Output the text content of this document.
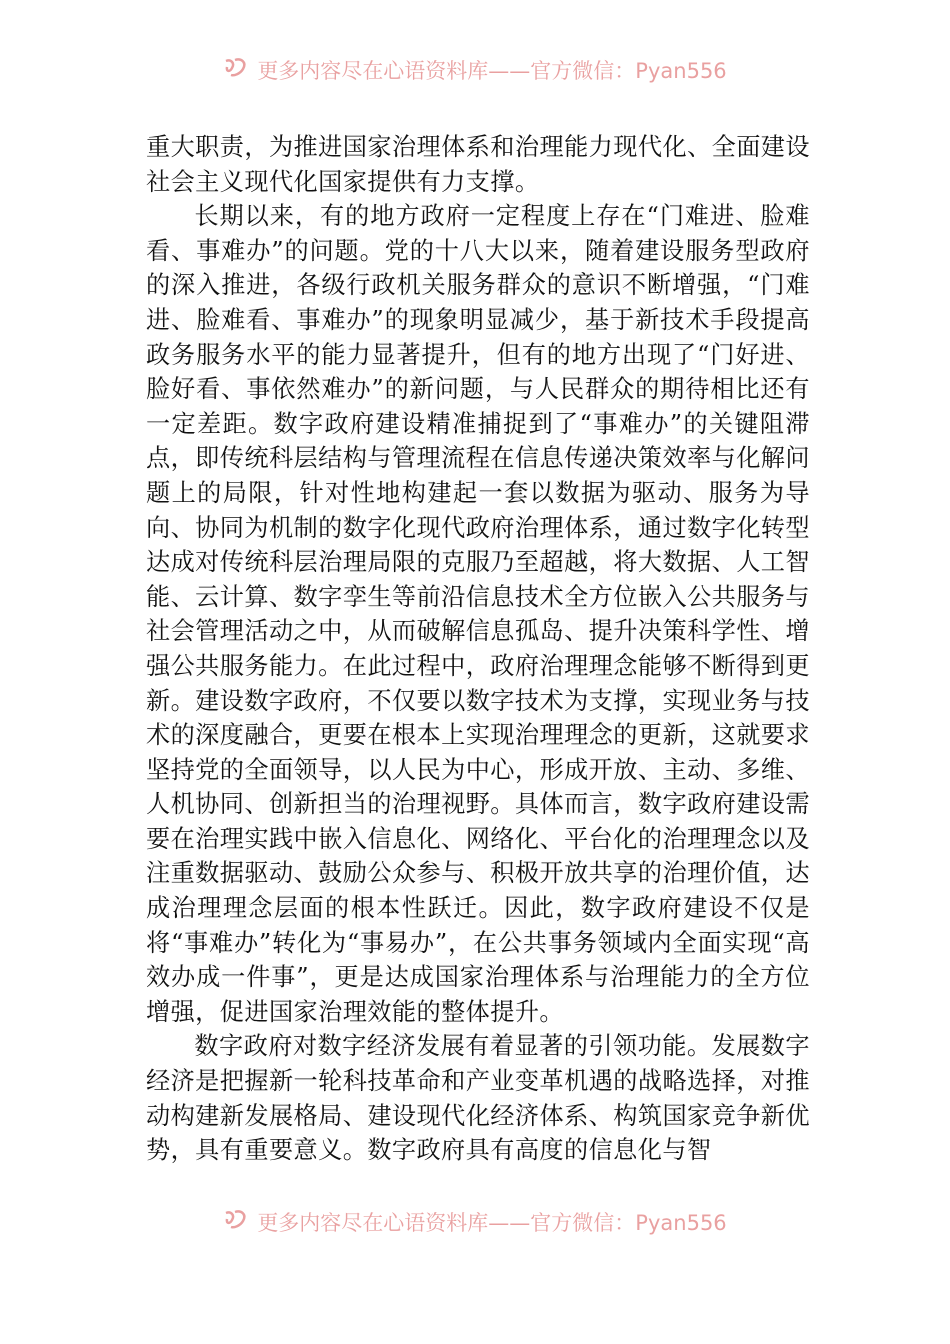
更多内容尽在心语资料库——官方微信：Pyan556

重大职责，为推进国家治理体系和治理能力现代化、全面建设社会主义现代化国家提供有力支撑。

长期以来，有的地方政府一定程度上存在“门难进、脸难看、事难办”的问题。党的十八大以来，随着建设服务型政府的深入推进，各级行政机关服务群众的意识不断增强，“门难进、脸难看、事难办”的现象明显减少，基于新技术手段提高政务服务水平的能力显著提升，但有的地方出现了“门好进、脸好看、事依然难办”的新问题，与人民群众的期待相比还有一定差距。数字政府建设精准捕捉到了“事难办”的关键阻滞点，即传统科层结构与管理流程在信息传递决策效率与化解问题上的局限，针对性地构建起一套以数据为驱动、服务为导向、协同为机制的数字化现代政府治理体系，通过数字化转型达成对传统科层治理局限的克服乃至超越，将大数据、人工智能、云计算、数字孪生等前沿信息技术全方位嵌入公共服务与社会管理活动之中，从而破解信息孤岛、提升决策科学性、增强公共服务能力。在此过程中，政府治理理念能够不断得到更新。建设数字政府，不仅要以数字技术为支撑，实现业务与技术的深度融合，更要在根本上实现治理理念的更新，这就要求坚持党的全面领导，以人民为中心，形成开放、主动、多维、人机协同、创新担当的治理视野。具体而言，数字政府建设需要在治理实践中嵌入信息化、网络化、平台化的治理理念以及注重数据驱动、鼓励公众参与、积极开放共享的治理价值，达成治理理念层面的根本性跃迁。因此，数字政府建设不仅是将“事难办”转化为“事易办”，在公共事务领域内全面实现“高效办成一件事”，更是达成国家治理体系与治理能力的全方位增强，促进国家治理效能的整体提升。

数字政府对数字经济发展有着显著的引领功能。发展数字经济是把握新一轮科技革命和产业变革机遇的战略选择，对推动构建新发展格局、建设现代化经济体系、构筑国家竞争新优势，具有重要意义。数字政府具有高度的信息化与智

更多内容尽在心语资料库——官方微信：Pyan556
